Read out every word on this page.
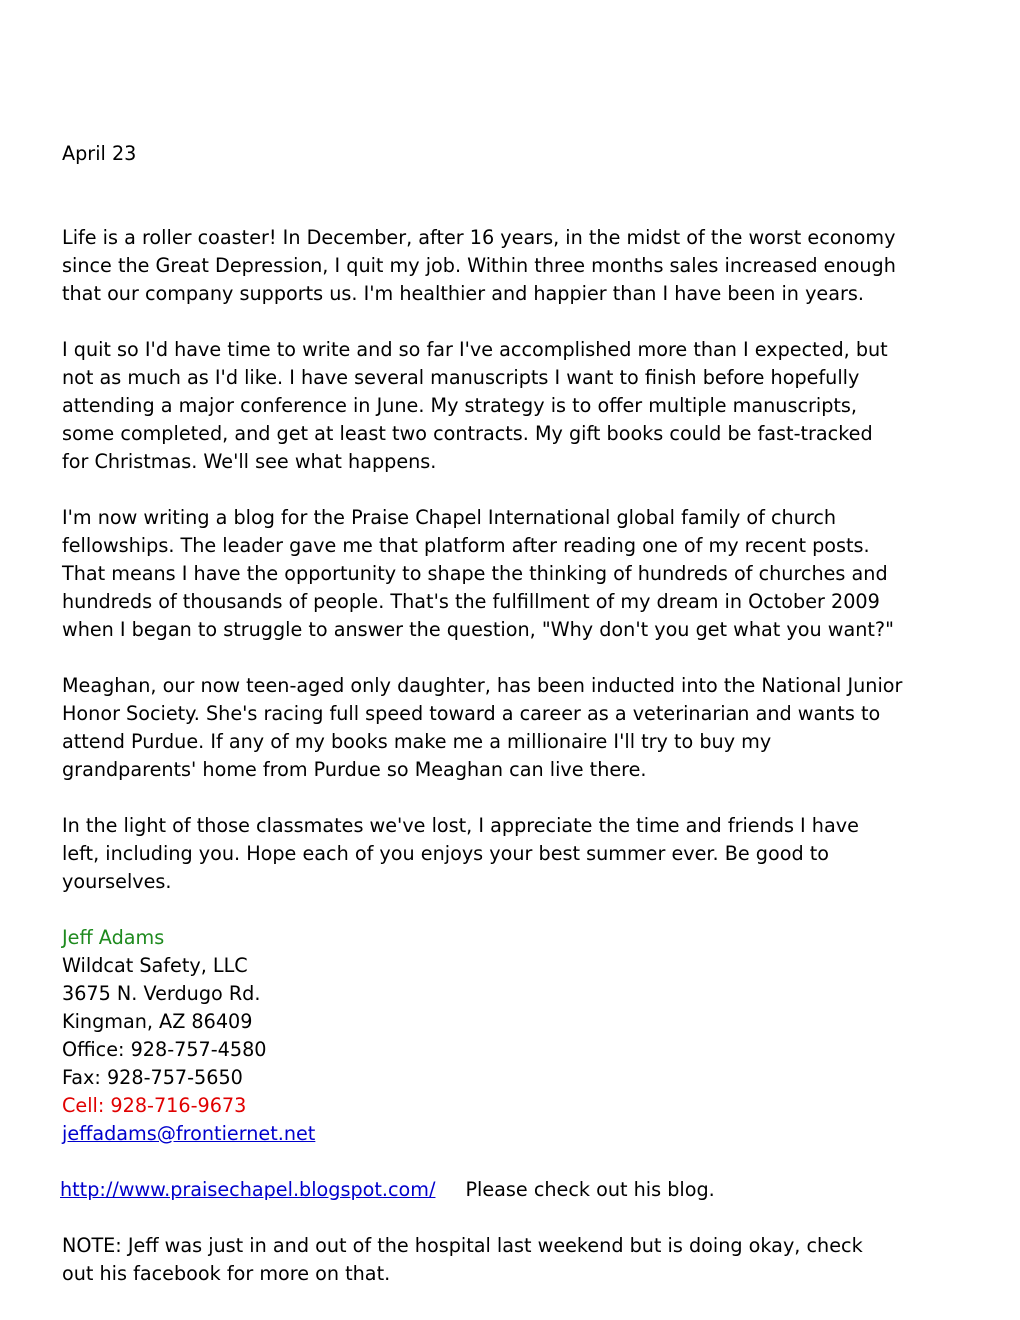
April 23
Life is a roller coaster! In December, after 16 years, in the midst of the worst economy
since the Great Depression, I quit my job. Within three months sales increased enough
that our company supports us. I'm healthier and happier than I have been in years.
I quit so I'd have time to write and so far I've accomplished more than I expected, but
not as much as I'd like. I have several manuscripts I want to finish before hopefully
attending a major conference in June. My strategy is to offer multiple manuscripts,
some completed, and get at least two contracts. My gift books could be fast-tracked
for Christmas. We'll see what happens.
I'm now writing a blog for the Praise Chapel International global family of church
fellowships. The leader gave me that platform after reading one of my recent posts.
That means I have the opportunity to shape the thinking of hundreds of churches and
hundreds of thousands of people. That's the fulfillment of my dream in October 2009
when I began to struggle to answer the question, "Why don't you get what you want?"
Meaghan, our now teen-aged only daughter, has been inducted into the National Junior
Honor Society. She's racing full speed toward a career as a veterinarian and wants to
attend Purdue. If any of my books make me a millionaire I'll try to buy my
grandparents' home from Purdue so Meaghan can live there.
In the light of those classmates we've lost, I appreciate the time and friends I have
left, including you. Hope each of you enjoys your best summer ever. Be good to
yourselves.
Jeff Adams
Wildcat Safety, LLC
3675 N. Verdugo Rd.
Kingman, AZ 86409
Office: 928-757-4580
Fax: 928-757-5650
Cell: 928-716-9673
jeffadams@frontiernet.net
http://www.praisechapel.blogspot.com/ Please check out his blog.
NOTE: Jeff was just in and out of the hospital last weekend but is doing okay, check
out his facebook for more on that.
